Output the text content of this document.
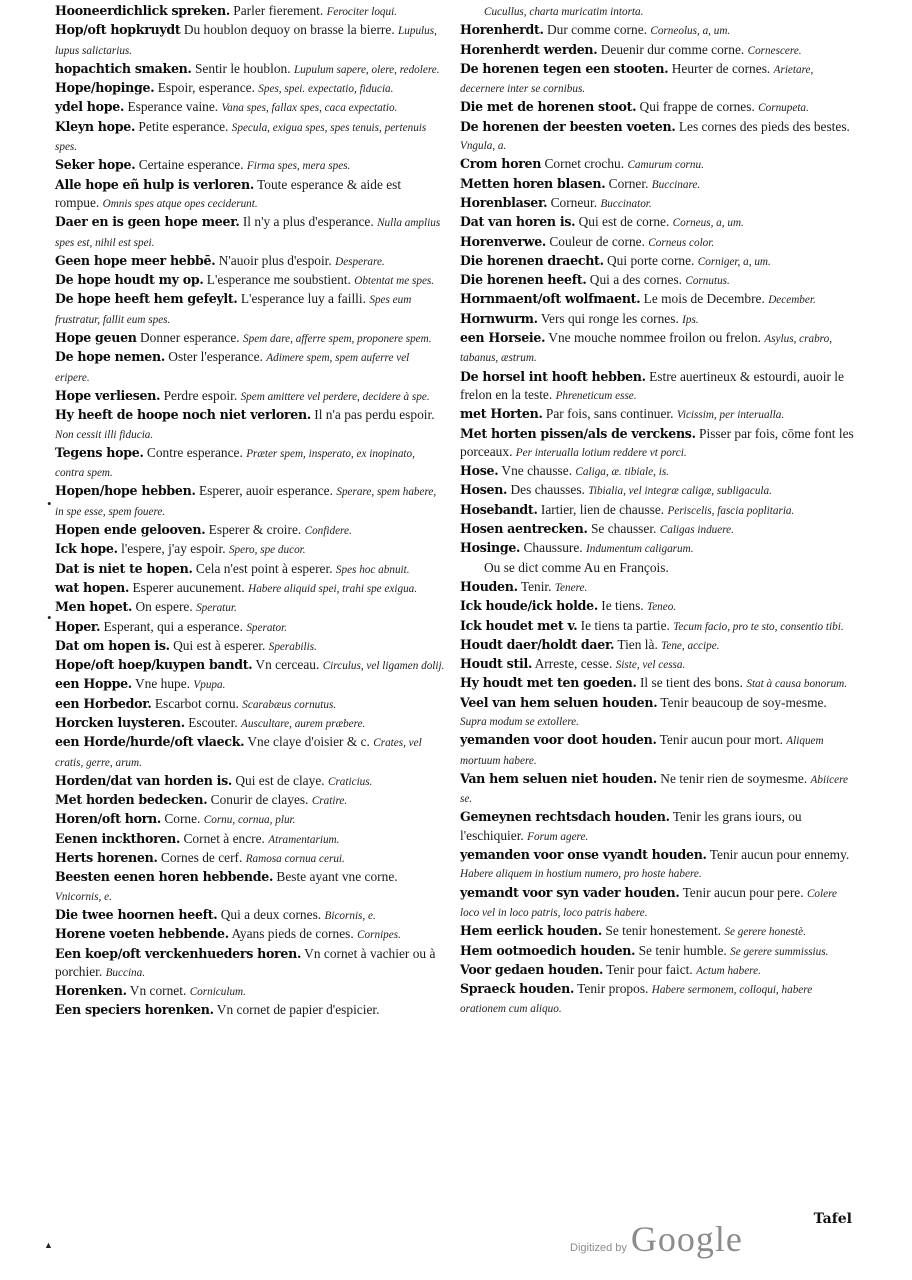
Hooneerdichlick spreken. Parler fierement. Ferociter loqui.

Hop/oft hopkruydt Du houblon dequoy on brasse la bierre. Lupulus, lupus salictarius.

hopachtich smaken. Sentir le houblon. Lupulum sapere, olere, redolere.

Hope/hopinge. Espoir, esperance. Spes, spei. expectatio, fiducia.

ydel hope. Esperance vaine. Vana spes, fallax spes, caca expectatio.

Kleyn hope. Petite esperance. Specula, exigua spes, spes tenuis, pertenuis spes.

Seker hope. Certaine esperance. Firma spes, mera spes.

Alle hope eñ hulp is verloren. Toute esperance & aide est rompue. Omnis spes atque opes ceciderunt.

Daer en is geen hope meer. Il n'y a plus d'esperance. Nulla amplius spes est, nihil est spei.

Geen hope meer hebbē. N'auoir plus d'espoir. Desperare.

De hope houdt my op. L'esperance me soubstient. Obtentat me spes.

De hope heeft hem gefeylt. L'esperance luy a failli. Spes eum frustratur, fallit eum spes.

Hope geuen Donner esperance. Spem dare, afferre spem, proponere spem.

De hope nemen. Oster l'esperance. Adimere spem, spem auferre vel eripere.

Hope verliesen. Perdre espoir. Spem amittere vel perdere, decidere à spe.

Hy heeft de hoope noch niet verloren. Il n'a pas perdu espoir. Non cessit illi fiducia.

Tegens hope. Contre esperance. Præter spem, insperato, ex inopinato, contra spem.

Hopen/hope hebben. Esperer, auoir esperance. Sperare, spem habere, in spe esse, spem fouere.

Hopen ende gelooven. Esperer & croire. Confidere.

Ick hope. l'espere, j'ay espoir. Spero, spe ducor.

Dat is niet te hopen. Cela n'est point à esperer. Spes hoc abnuit.

wat hopen. Esperer aucunement. Habere aliquid spei, trahi spe exigua.

Men hopet. On espere. Speratur.

Hoper. Esperant, qui a esperance. Sperator.

Dat om hopen is. Qui est à esperer. Sperabilis.

Hope/oft hoep/kuypen bandt. Vn cerceau. Circulus, vel ligamen dolij.

een Hoppe. Vne hupe. Vpupa.

een Horbedor. Escarbot cornu. Scarabæus cornutus.

Horcken luysteren. Escouter. Auscultare, aurem præbere.

een Horde/hurde/oft vlaeck. Vne claye d'oisier & c. Crates, vel cratis, gerre, arum.

Horden/dat van horden is. Qui est de claye. Craticius.

Met horden bedecken. Conurir de clayes. Cratire.

Horen/oft horn. Corne. Cornu, cornua, plur.

Eenen inckthoren. Cornet à encre. Atramentarium.

Herts horenen. Cornes de cerf. Ramosa cornua cerui.

Beesten eenen horen hebbende. Beste ayant vne corne. Vnicornis, e.

Die twee hoornen heeft. Qui a deux cornes. Bicornis, e.

Horene voeten hebbende. Ayans pieds de cornes. Cornipes.

Een koep/oft verckenhueders horen. Vn cornet à vachier ou à porchier. Buccina.

Horenken. Vn cornet. Corniculum.

Een speciers horenken. Vn cornet de papier d'espicier.

Cucullus, charta muricatim intorta.

Horenherdt. Dur comme corne. Corneolus, a, um.

Horenherdt werden. Deuenir dur comme corne. Cornescere.

De horenen tegen een stooten. Heurter de cornes. Arietare, decernere inter se cornibus.

Die met de horenen stoot. Qui frappe de cornes. Cornupeta.

De horenen der beesten voeten. Les cornes des pieds des bestes. Vngula, a.

Crom horen Cornet crochu. Camurum cornu.

Metten horen blasen. Corner. Buccinare.

Horenblaser. Corneur. Buccinator.

Dat van horen is. Qui est de corne. Corneus, a, um.

Horenverwe. Couleur de corne. Corneus color.

Die horenen draecht. Qui porte corne. Corniger, a, um.

Die horenen heeft. Qui a des cornes. Cornutus.

Hornmaent/oft wolfmaent. Le mois de Decembre. December.

Hornwurm. Vers qui ronge les cornes. Ips.

een Horseie. Vne mouche nommee froilon ou frelon. Asylus, crabro, tabanus, æstrum.

De horsel int hooft hebben. Estre auertineux & estourdi, auoir le frelon en la teste. Phreneticum esse.

met Horten. Par fois, sans continuer. Vicissim, per interualla.

Met horten pissen/als de verckens. Pisser par fois, cōme font les porceaux. Per interualla lotium reddere vt porci.

Hose. Vne chausse. Caliga, æ. tibiale, is.

Hosen. Des chausses. Tibialia, vel integræ caligæ, subligacula.

Hosebandt. Iartier, lien de chausse. Periscelis, fascia poplitaria.

Hosen aentrecken. Se chausser. Caligas induere.

Hosinge. Chaussure. Indumentum caligarum.

Ou se dict comme Au en François.

Houden. Tenir. Tenere.

Ick houde/ick holde. Ie tiens. Teneo.

Ick houdet met v. Ie tiens ta partie. Tecum facio, pro te sto, consentio tibi.

Houdt daer/holdt daer. Tien là. Tene, accipe.

Houdt stil. Arreste, cesse. Siste, vel cessa.

Hy houdt met ten goeden. Il se tient des bons. Stat à causa bonorum.

Veel van hem seluen houden. Tenir beaucoup de soy-mesme. Supra modum se extollere.

yemanden voor doot houden. Tenir aucun pour mort. Aliquem mortuum habere.

Van hem seluen niet houden. Ne tenir rien de soymesme. Abiicere se.

Gemeynen rechtsdach houden. Tenir les grans iours, ou l'eschiquier. Forum agere.

yemanden voor onse vyandt houden. Tenir aucun pour ennemy. Habere aliquem in hostium numero, pro hoste habere.

yemandt voor syn vader houden. Tenir aucun pour pere. Colere loco vel in loco patris, loco patris habere.

Hem eerlick houden. Se tenir honestement. Se gerere honestè.

Hem ootmoedich houden. Se tenir humble. Se gerere summissius.

Voor gedaen houden. Tenir pour faict. Actum habere.

Spraeck houden. Tenir propos. Habere sermonem, colloqui, habere orationem cum aliquo.

•
•
▲
Tafel
Digitized by Google
